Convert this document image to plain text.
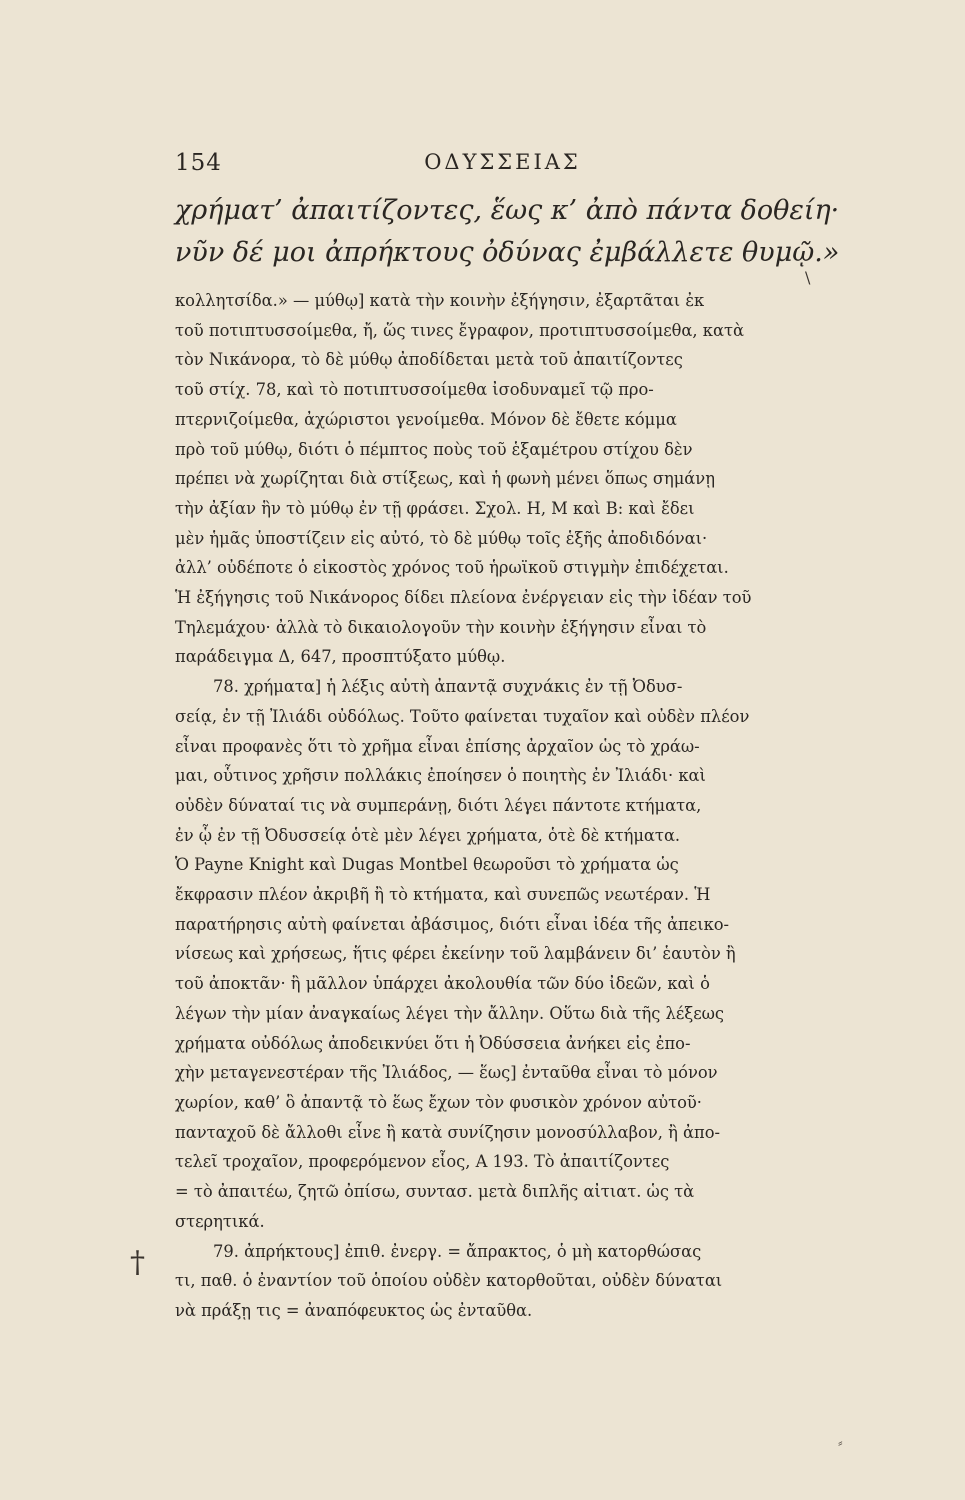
154	ΟΔΥΣΣΕΙΑΣ
χρήματ’ ἀπαιτίζοντες, ἕως κ’ ἀπὸ πάντα δοθείη·
νῦν δέ μοι ἀπρήκτους ὀδύνας ἐμβάλλετε θυμῷ.»
\
κολλητσίδα.» — μύθῳ] κατὰ τὴν κοινὴν ἐξήγησιν, ἐξαρτᾶται ἐκ
τοῦ ποτιπτυσσοίμεθα, ἤ, ὥς τινες ἔγραφον, προτιπτυσσοίμεθα, κατὰ
τὸν Νικάνορα, τὸ δὲ μύθῳ ἀποδίδεται μετὰ τοῦ ἀπαιτίζοντες
τοῦ στίχ. 78, καὶ τὸ ποτιπτυσσοίμεθα ἰσοδυναμεῖ τῷ προ-
πτερνιζοίμεθα, ἀχώριστοι γενοίμεθα. Μόνον δὲ ἔθετε κόμμα
πρὸ τοῦ μύθῳ, διότι ὁ πέμπτος ποὺς τοῦ ἑξαμέτρου στίχου δὲν
πρέπει νὰ χωρίζηται διὰ στίξεως, καὶ ἡ φωνὴ μένει ὅπως σημάνῃ
τὴν ἀξίαν ἣν τὸ μύθῳ ἐν τῇ φράσει. Σχολ. Η, Μ καὶ Β: καὶ ἔδει
μὲν ἡμᾶς ὑποστίζειν εἰς αὐτό, τὸ δὲ μύθῳ τοῖς ἑξῆς ἀποδιδόναι·
ἀλλ’ οὐδέποτε ὁ εἰκοστὸς χρόνος τοῦ ἡρωϊκοῦ στιγμὴν ἐπιδέχεται.
Ἡ ἐξήγησις τοῦ Νικάνορος δίδει πλείονα ἐνέργειαν εἰς τὴν ἰδέαν τοῦ
Τηλεμάχου· ἀλλὰ τὸ δικαιολογοῦν τὴν κοινὴν ἐξήγησιν εἶναι τὸ
παράδειγμα Δ, 647, προσπτύξατο μύθῳ.
78. χρήματα] ἡ λέξις αὐτὴ ἀπαντᾷ συχνάκις ἐν τῇ Ὀδυσ-
σείᾳ, ἐν τῇ Ἰλιάδι οὐδόλως. Τοῦτο φαίνεται τυχαῖον καὶ οὐδὲν πλέον
εἶναι προφανὲς ὅτι τὸ χρῆμα εἶναι ἐπίσης ἀρχαῖον ὡς τὸ χράω-
μαι, οὗτινος χρῆσιν πολλάκις ἐποίησεν ὁ ποιητὴς ἐν Ἰλιάδι· καὶ
οὐδὲν δύναταί τις νὰ συμπεράνῃ, διότι λέγει πάντοτε κτήματα,
ἐν ᾧ ἐν τῇ Ὀδυσσείᾳ ὁτὲ μὲν λέγει χρήματα, ὁτὲ δὲ κτήματα.
Ὁ Payne Knight καὶ Dugas Montbel θεωροῦσι τὸ χρήματα ὡς
ἔκφρασιν πλέον ἀκριβῆ ἢ τὸ κτήματα, καὶ συνεπῶς νεωτέραν. Ἡ
παρατήρησις αὐτὴ φαίνεται ἀβάσιμος, διότι εἶναι ἰδέα τῆς ἀπεικο-
νίσεως καὶ χρήσεως, ἥτις φέρει ἐκείνην τοῦ λαμβάνειν δι’ ἑαυτὸν ἢ
τοῦ ἀποκτᾶν· ἢ μᾶλλον ὑπάρχει ἀκολουθία τῶν δύο ἰδεῶν, καὶ ὁ
λέγων τὴν μίαν ἀναγκαίως λέγει τὴν ἄλλην. Οὕτω διὰ τῆς λέξεως
χρήματα οὐδόλως ἀποδεικνύει ὅτι ἡ Ὀδύσσεια ἀνήκει εἰς ἐπο-
χὴν μεταγενεστέραν τῆς Ἰλιάδος, — ἕως] ἐνταῦθα εἶναι τὸ μόνον
χωρίον, καθ’ ὃ ἀπαντᾷ τὸ ἕως ἔχων τὸν φυσικὸν χρόνον αὐτοῦ·
πανταχοῦ δὲ ἄλλοθι εἶνε ἢ κατὰ συνίζησιν μονοσύλλαβον, ἢ ἀπο-
τελεῖ τροχαῖον, προφερόμενον εἷος, Α 193. Τὸ ἀπαιτίζοντες
= τὸ ἀπαιτέω, ζητῶ ὀπίσω, συντασ. μετὰ διπλῆς αἰτιατ. ὡς τὰ
στερητικά.
79. ἀπρήκτους] ἐπιθ. ἐνεργ. = ἄπρακτος, ὁ μὴ κατορθώσας
τι, παθ. ὁ ἐναντίον τοῦ ὁποίου οὐδὲν κατορθοῦται, οὐδὲν δύναται
νὰ πράξῃ τις = ἀναπόφευκτος ὡς ἐνταῦθα.
†
⸗
